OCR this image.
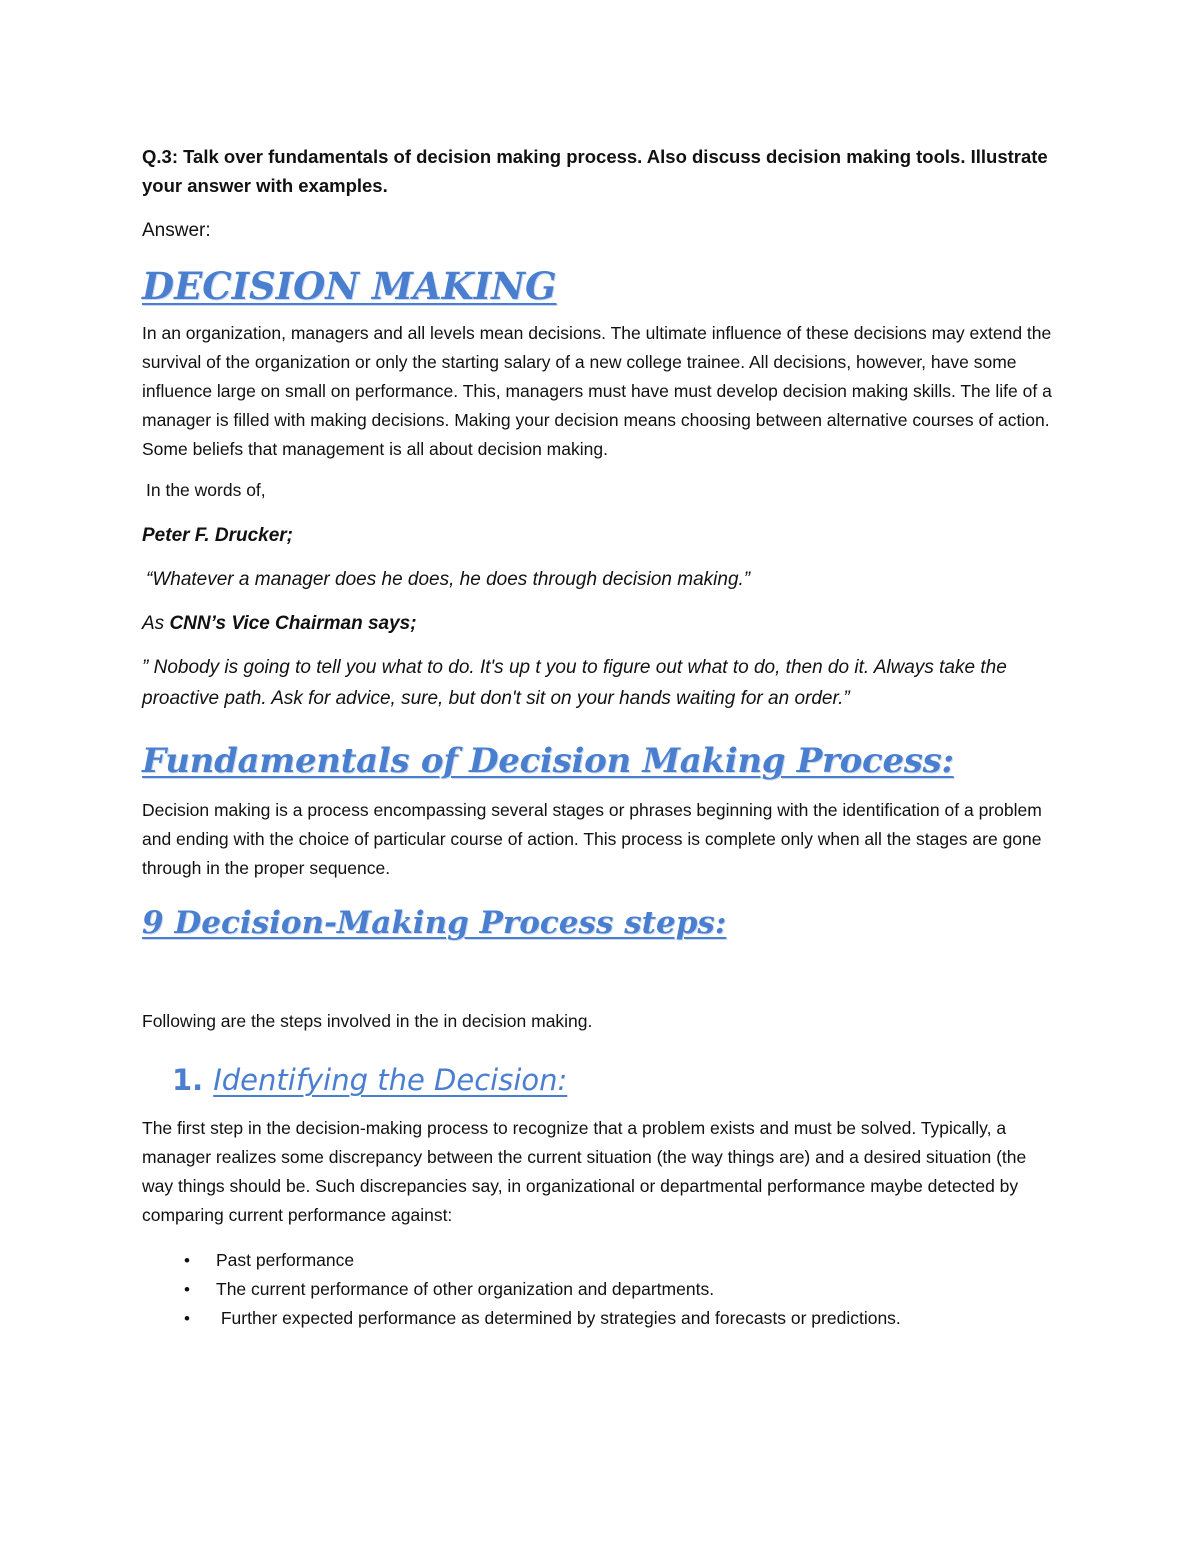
Q.3: Talk over fundamentals of decision making process. Also discuss decision making tools. Illustrate your answer with examples.

Answer:

DECISION MAKING

In an organization, managers and all levels mean decisions. The ultimate influence of these decisions may extend the survival of the organization or only the starting salary of a new college trainee. All decisions, however, have some influence large on small on performance. This, managers must have must develop decision making skills. The life of a manager is filled with making decisions. Making your decision means choosing between alternative courses of action. Some beliefs that management is all about decision making.

In the words of,

Peter F. Drucker;

“Whatever a manager does he does, he does through decision making.”

As CNN’s Vice Chairman says;

” Nobody is going to tell you what to do. It's up t you to figure out what to do, then do it. Always take the proactive path. Ask for advice, sure, but don't sit on your hands waiting for an order.”

Fundamentals of Decision Making Process:

Decision making is a process encompassing several stages or phrases beginning with the identification of a problem and ending with the choice of particular course of action. This process is complete only when all the stages are gone through in the proper sequence.

9 Decision-Making Process steps:

Following are the steps involved in the in decision making.

1. Identifying the Decision:

The first step in the decision-making process to recognize that a problem exists and must be solved. Typically, a manager realizes some discrepancy between the current situation (the way things are) and a desired situation (the way things should be. Such discrepancies say, in organizational or departmental performance maybe detected by comparing current performance against:

•	Past performance
•	The current performance of other organization and departments.
•	Further expected performance as determined by strategies and forecasts or predictions.
